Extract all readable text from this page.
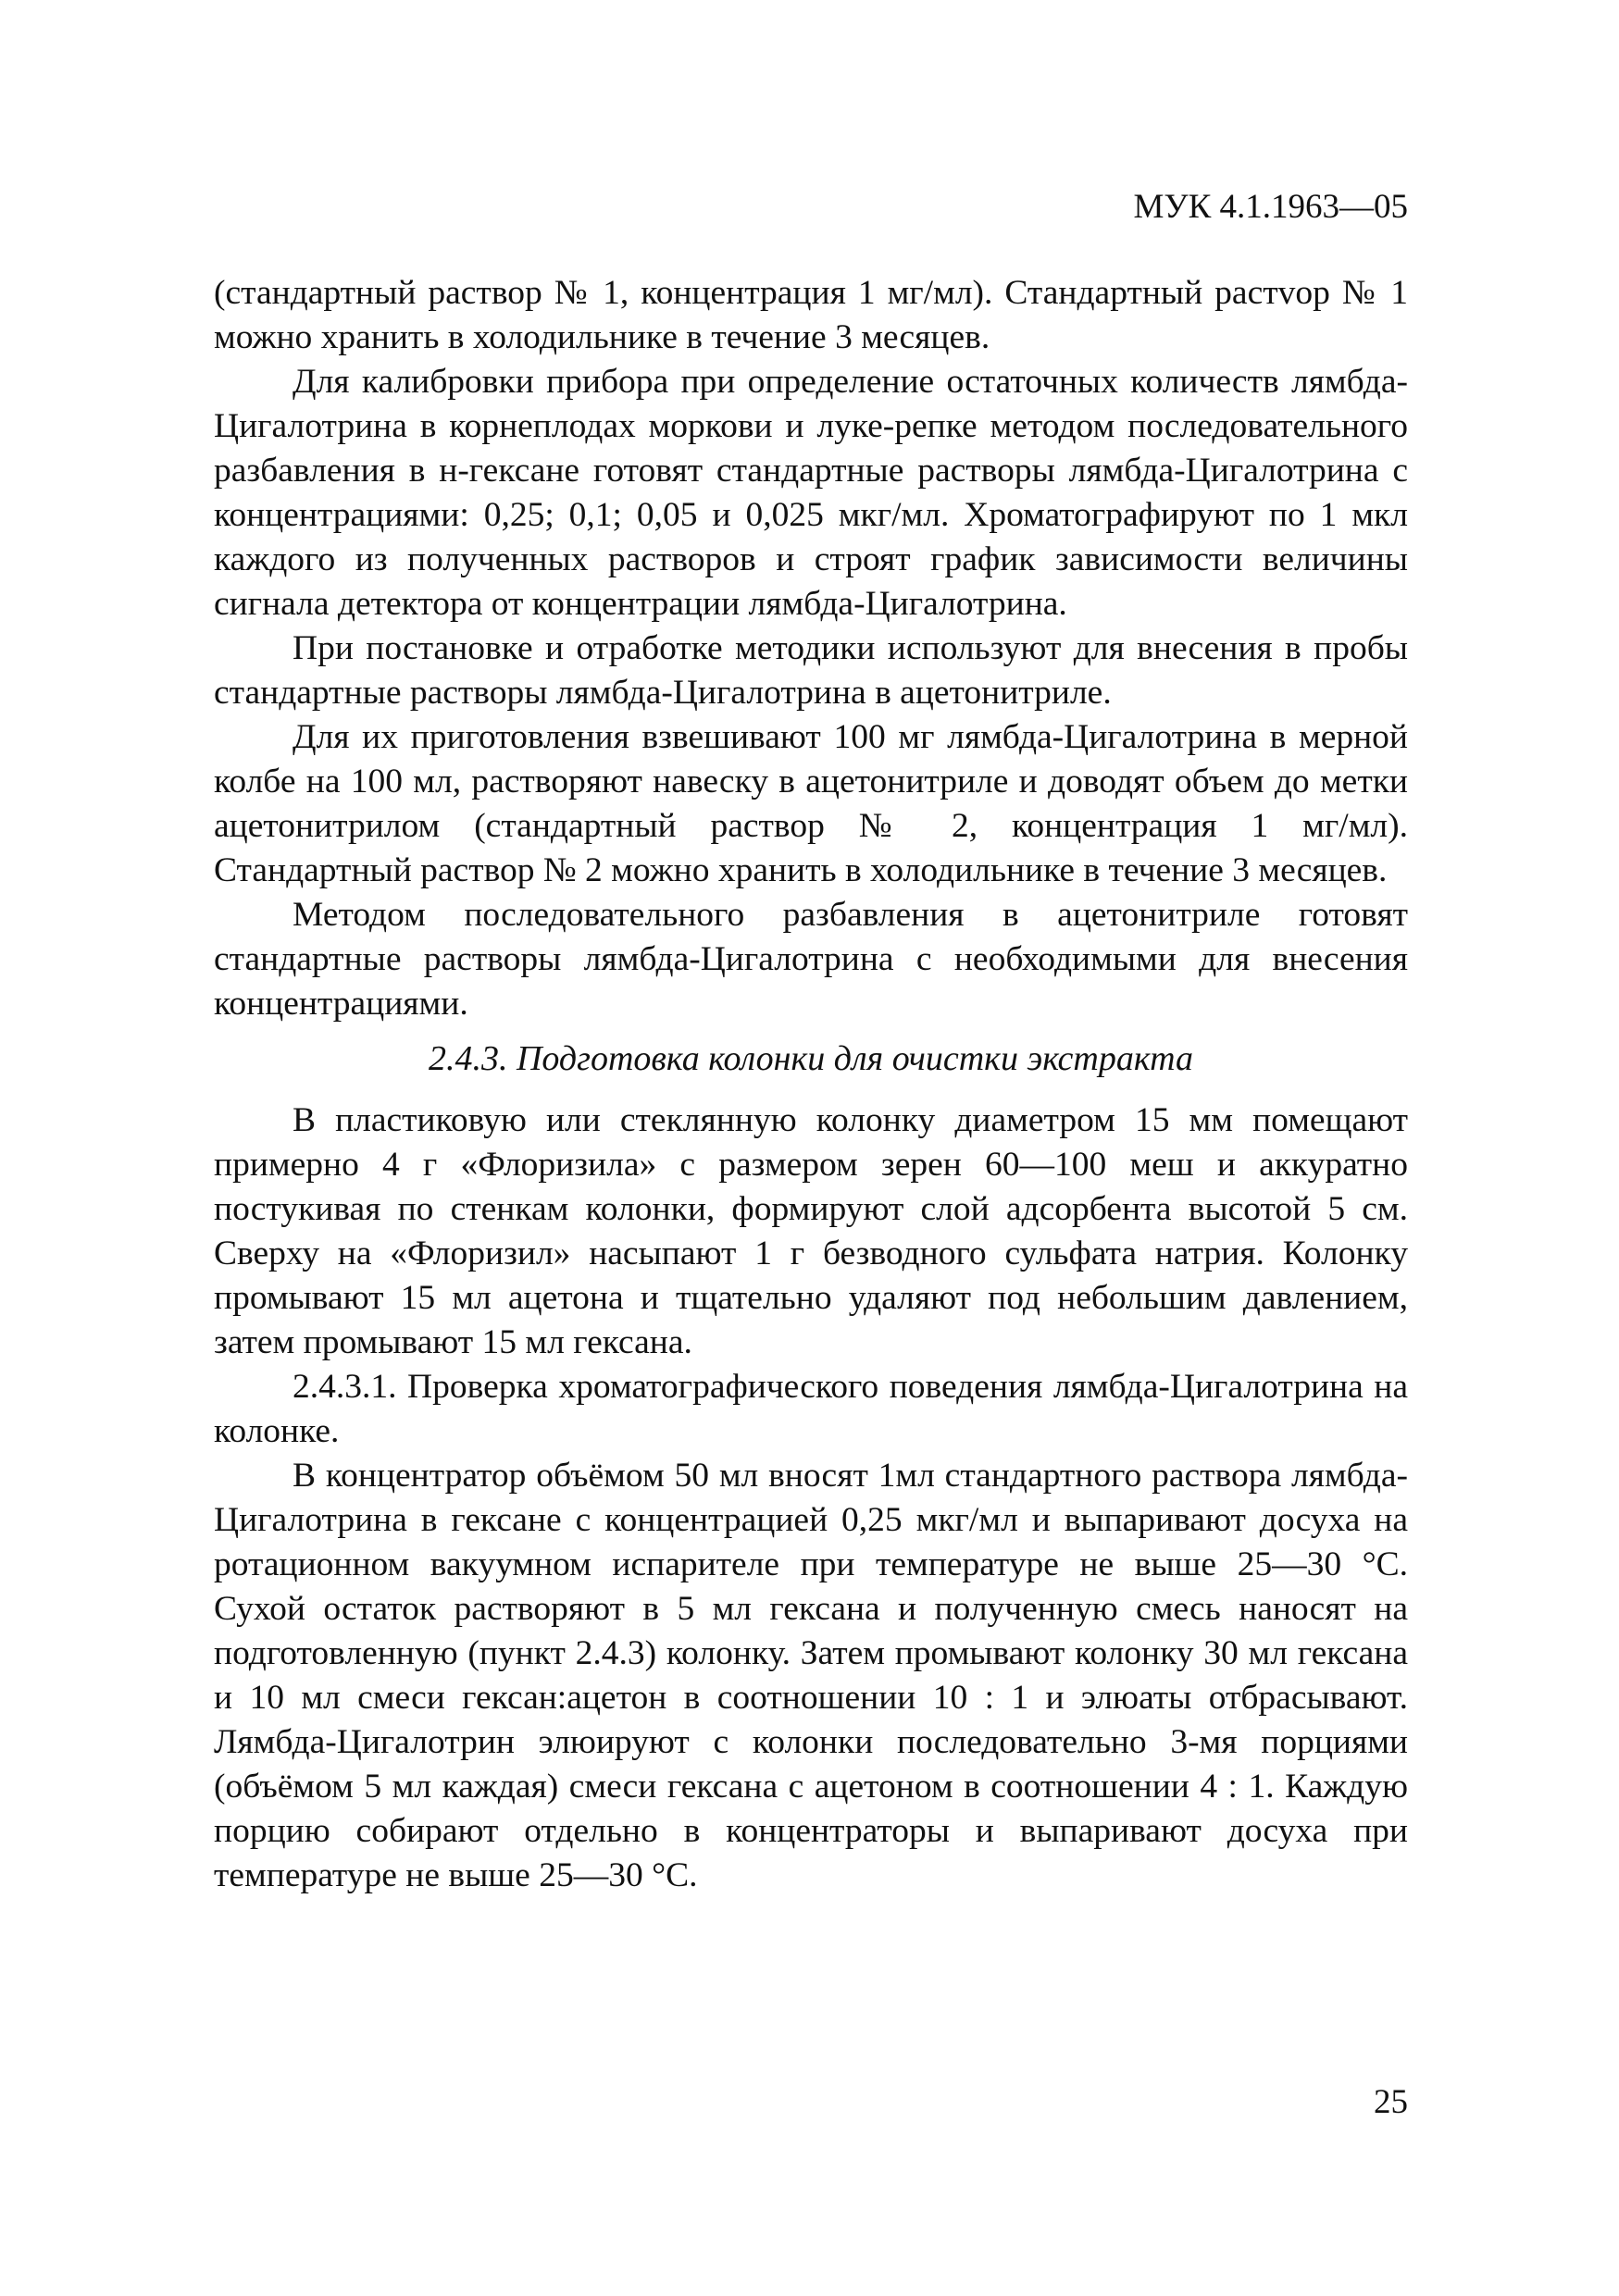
МУК 4.1.1963—05

(стандартный раствор № 1, концентрация 1 мг/мл). Стандартный растvор № 1 можно хранить в холодильнике в течение 3 месяцев.

Для калибровки прибора при определение остаточных количеств лямбда-Цигалотрина в корнеплодах моркови и луке-репке методом последовательного разбавления в н-гексане готовят стандартные растворы лямбда-Цигалотрина с концентрациями: 0,25; 0,1; 0,05 и 0,025 мкг/мл. Хроматографируют по 1 мкл каждого из полученных растворов и строят график зависимости величины сигнала детектора от концентрации лямбда-Цигалотрина.

При постановке и отработке методики используют для внесения в пробы стандартные растворы лямбда-Цигалотрина в ацетонитриле.

Для их приготовления взвешивают 100 мг лямбда-Цигалотрина в мерной колбе на 100 мл, растворяют навеску в ацетонитриле и доводят объем до метки ацетонитрилом (стандартный раствор № 2, концентрация 1 мг/мл). Стандартный раствор № 2 можно хранить в холодильнике в течение 3 месяцев.

Методом последовательного разбавления в ацетонитриле готовят стандартные растворы лямбда-Цигалотрина с необходимыми для внесения концентрациями.

2.4.3. Подготовка колонки для очистки экстракта

В пластиковую или стеклянную колонку диаметром 15 мм помещают примерно 4 г «Флоризила» с размером зерен 60—100 меш и аккуратно постукивая по стенкам колонки, формируют слой адсорбента высотой 5 см. Сверху на «Флоризил» насыпают 1 г безводного сульфата натрия. Колонку промывают 15 мл ацетона и тщательно удаляют под небольшим давлением, затем промывают 15 мл гексана.

2.4.3.1. Проверка хроматографического поведения лямбда-Цигалотрина на колонке.

В концентратор объёмом 50 мл вносят 1мл стандартного раствора лямбда-Цигалотрина в гексане с концентрацией 0,25 мкг/мл и выпаривают досуха на ротационном вакуумном испарителе при температуре не выше 25—30 °С. Сухой остаток растворяют в 5 мл гексана и полученную смесь наносят на подготовленную (пункт 2.4.3) колонку. Затем промывают колонку 30 мл гексана и 10 мл смеси гексан:ацетон в соотношении 10 : 1 и элюаты отбрасывают. Лямбда-Цигалотрин элюируют с колонки последовательно 3-мя порциями (объёмом 5 мл каждая) смеси гексана с ацетоном в соотношении 4 : 1. Каждую порцию собирают отдельно в концентраторы и выпаривают досуха при температуре не выше 25—30 °С.

25
